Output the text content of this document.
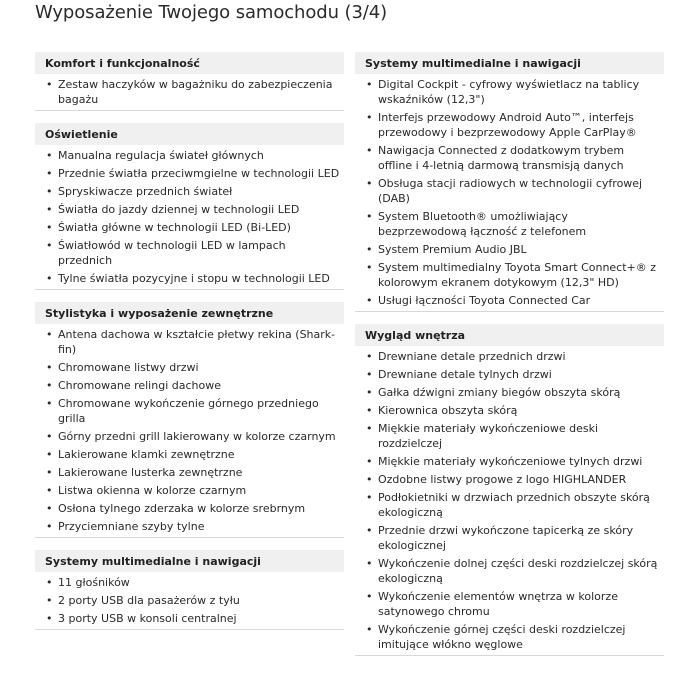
Wyposażenie Twojego samochodu (3/4)
Komfort i funkcjonalność
• Zestaw haczyków w bagażniku do zabezpieczenia bagażu
Oświetlenie
• Manualna regulacja świateł głównych
• Przednie światła przeciwmgielne w technologii LED
• Spryskiwacze przednich świateł
• Światła do jazdy dziennej w technologii LED
• Światła główne w technologii LED (Bi-LED)
• Światłowód w technologii LED w lampach przednich
• Tylne światła pozycyjne i stopu w technologii LED
Stylistyka i wyposażenie zewnętrzne
• Antena dachowa w kształcie płetwy rekina (Shark-fin)
• Chromowane listwy drzwi
• Chromowane relingi dachowe
• Chromowane wykończenie górnego przedniego grilla
• Górny przedni grill lakierowany w kolorze czarnym
• Lakierowane klamki zewnętrzne
• Lakierowane lusterka zewnętrzne
• Listwa okienna w kolorze czarnym
• Osłona tylnego zderzaka w kolorze srebrnym
• Przyciemniane szyby tylne
Systemy multimedialne i nawigacji
• 11 głośników
• 2 porty USB dla pasażerów z tyłu
• 3 porty USB w konsoli centralnej
Systemy multimedialne i nawigacji
• Digital Cockpit - cyfrowy wyświetlacz na tablicy wskaźników (12,3")
• Interfejs przewodowy Android Auto™, interfejs przewodowy i bezprzewodowy Apple CarPlay®
• Nawigacja Connected z dodatkowym trybem offline i 4-letnią darmową transmisją danych
• Obsługa stacji radiowych w technologii cyfrowej (DAB)
• System Bluetooth® umożliwiający bezprzewodową łączność z telefonem
• System Premium Audio JBL
• System multimedialny Toyota Smart Connect+® z kolorowym ekranem dotykowym (12,3" HD)
• Usługi łączności Toyota Connected Car
Wygląd wnętrza
• Drewniane detale przednich drzwi
• Drewniane detale tylnych drzwi
• Gałka dźwigni zmiany biegów obszyta skórą
• Kierownica obszyta skórą
• Miękkie materiały wykończeniowe deski rozdzielczej
• Miękkie materiały wykończeniowe tylnych drzwi
• Ozdobne listwy progowe z logo HIGHLANDER
• Podłokietniki w drzwiach przednich obszyte skórą ekologiczną
• Przednie drzwi wykończone tapicerką ze skóry ekologicznej
• Wykończenie dolnej części deski rozdzielczej skórą ekologiczną
• Wykończenie elementów wnętrza w kolorze satynowego chromu
• Wykończenie górnej części deski rozdzielczej imitujące włókno węglowe
